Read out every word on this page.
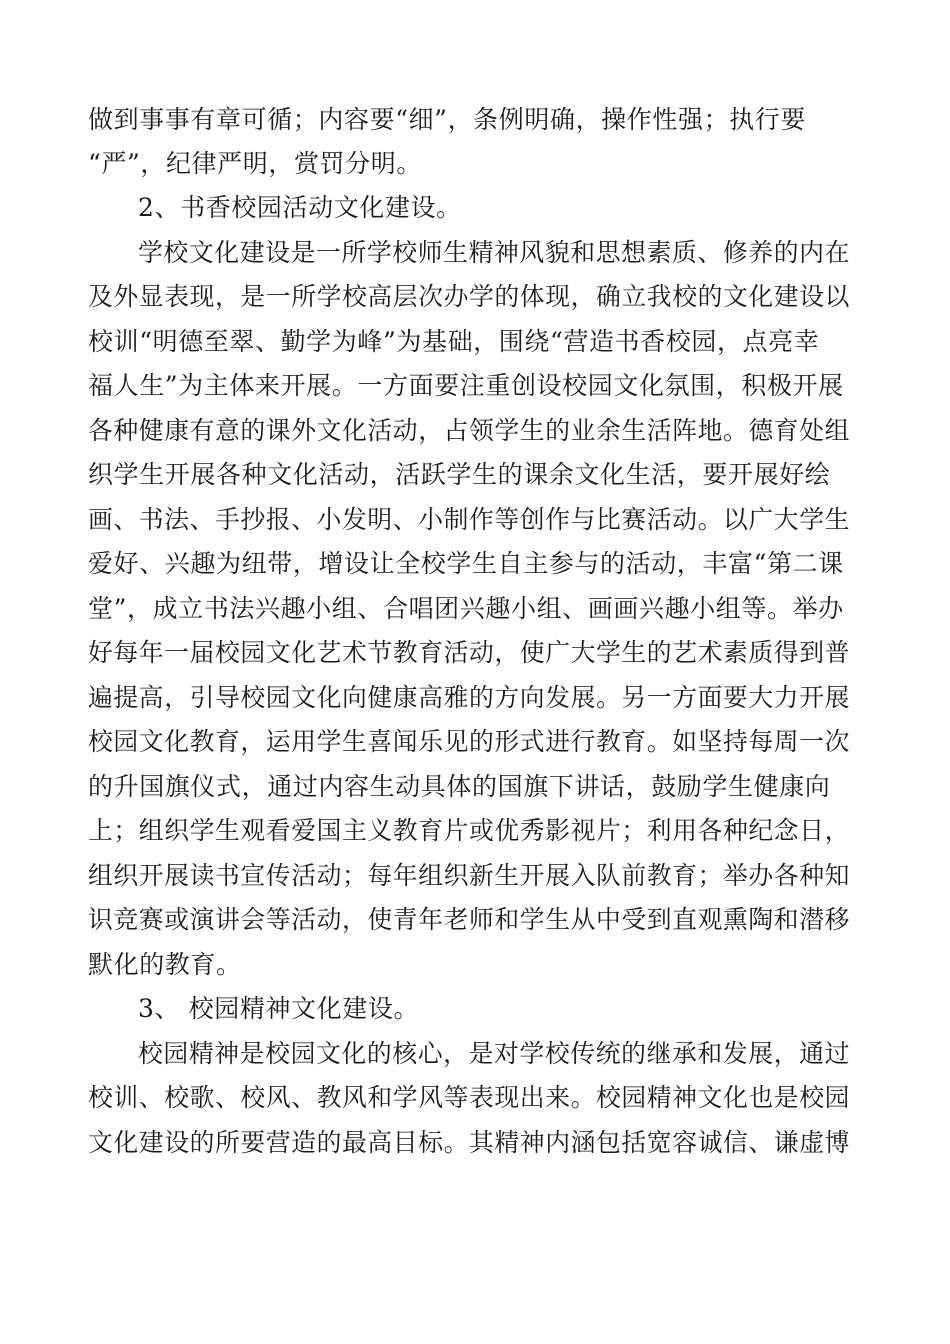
做到事事有章可循；内容要“细”，条例明确，操作性强；执行要
“严”，纪律严明，赏罚分明。
2、书香校园活动文化建设。
学校文化建设是一所学校师生精神风貌和思想素质、修养的内在
及外显表现，是一所学校高层次办学的体现，确立我校的文化建设以
校训“明德至翠、勤学为峰”为基础，围绕“营造书香校园，点亮幸
福人生”为主体来开展。一方面要注重创设校园文化氛围，积极开展
各种健康有意的课外文化活动，占领学生的业余生活阵地。德育处组
织学生开展各种文化活动，活跃学生的课余文化生活，要开展好绘
画、书法、手抄报、小发明、小制作等创作与比赛活动。以广大学生
爱好、兴趣为纽带，增设让全校学生自主参与的活动，丰富“第二课
堂”，成立书法兴趣小组、合唱团兴趣小组、画画兴趣小组等。举办
好每年一届校园文化艺术节教育活动，使广大学生的艺术素质得到普
遍提高，引导校园文化向健康高雅的方向发展。另一方面要大力开展
校园文化教育，运用学生喜闻乐见的形式进行教育。如坚持每周一次
的升国旗仪式，通过内容生动具体的国旗下讲话，鼓励学生健康向
上；组织学生观看爱国主义教育片或优秀影视片；利用各种纪念日，
组织开展读书宣传活动；每年组织新生开展入队前教育；举办各种知
识竞赛或演讲会等活动，使青年老师和学生从中受到直观熏陶和潜移
默化的教育。
3、 校园精神文化建设。
校园精神是校园文化的核心，是对学校传统的继承和发展，通过
校训、校歌、校风、教风和学风等表现出来。校园精神文化也是校园
文化建设的所要营造的最高目标。其精神内涵包括宽容诚信、谦虚博
